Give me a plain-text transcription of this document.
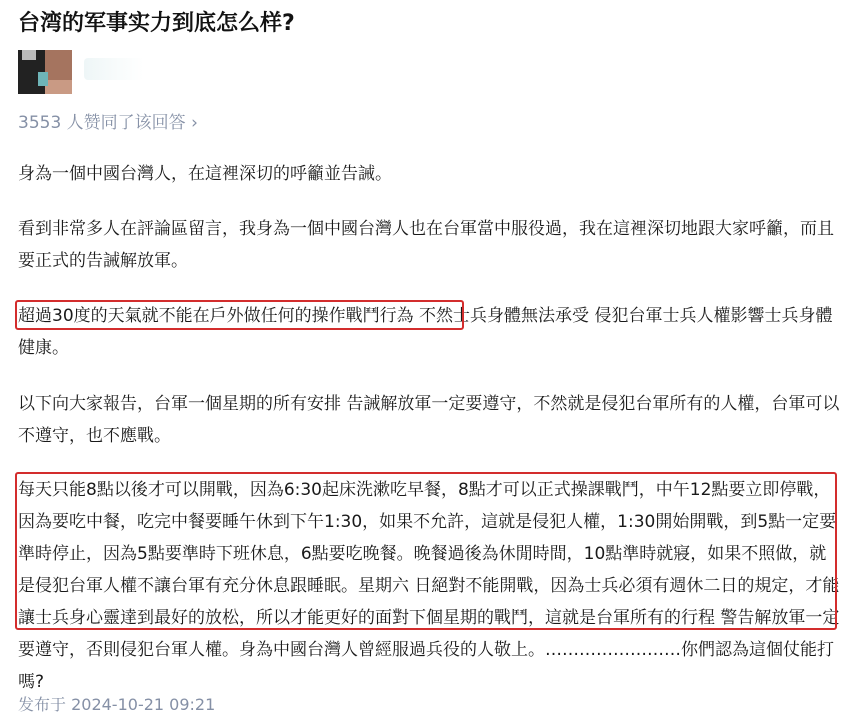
台湾的军事实力到底怎么样?
3553 人赞同了该回答 ›

身為一個中國台灣人，在這裡深切的呼籲並告誡。

看到非常多人在評論區留言，我身為一個中國台灣人也在台軍當中服役過，我在這裡深切地跟大家呼籲，而且要正式的告誡解放軍。

超過30度的天氣就不能在戶外做任何的操作戰鬥行為 不然士兵身體無法承受 侵犯台軍士兵人權影響士兵身體健康。

以下向大家報告，台軍一個星期的所有安排 告誡解放軍一定要遵守，不然就是侵犯台軍所有的人權，台軍可以不遵守，也不應戰。

每天只能8點以後才可以開戰，因為6:30起床洗漱吃早餐，8點才可以正式操課戰鬥，中午12點要立即停戰，因為要吃中餐，吃完中餐要睡午休到下午1:30，如果不允許，這就是侵犯人權，1:30開始開戰，到5點一定要準時停止，因為5點要準時下班休息，6點要吃晚餐。晚餐過後為休閒時間，10點準時就寢，如果不照做，就是侵犯台軍人權不讓台軍有充分休息跟睡眠。星期六 日絕對不能開戰，因為士兵必須有週休二日的規定，才能讓士兵身心靈達到最好的放松，所以才能更好的面對下個星期的戰鬥，這就是台軍所有的行程 警告解放軍一定要遵守，否則侵犯台軍人權。身為中國台灣人曾經服過兵役的人敬上。……………………你們認為這個仗能打嗎?

发布于 2024-10-21 09:21
